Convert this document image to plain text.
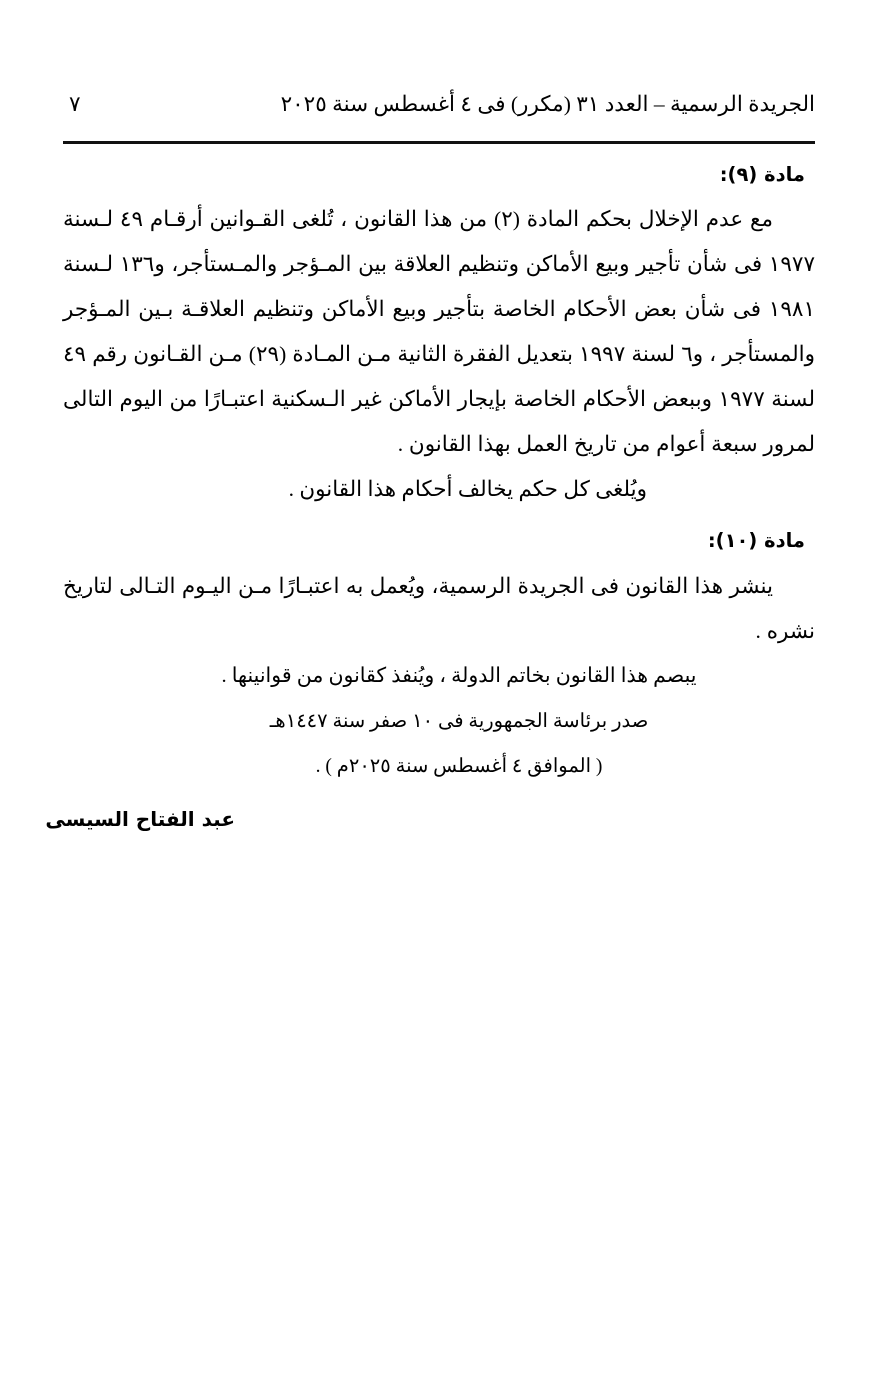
الجريدة الرسمية – العدد ٣١ (مكرر) فى ٤ أغسطس سنة ٢٠٢٥
٧

مادة (٩):

مع عدم الإخلال بحكم المادة (٢) من هذا القانون ، تُلغى القـوانين أرقـام ٤٩ لـسنة ١٩٧٧ فى شأن تأجير وبيع الأماكن وتنظيم العلاقة بين المـؤجر والمـستأجر، و١٣٦ لـسنة ١٩٨١ فى شأن بعض الأحكام الخاصة بتأجير وبيع الأماكن وتنظيم العلاقـة بـين المـؤجر والمستأجر ، و٦ لسنة ١٩٩٧ بتعديل الفقرة الثانية مـن المـادة (٢٩) مـن القـانون رقم ٤٩ لسنة ١٩٧٧ وببعض الأحكام الخاصة بإيجار الأماكن غير الـسكنية اعتبـارًا من اليوم التالى لمرور سبعة أعوام من تاريخ العمل بهذا القانون .

ويُلغى كل حكم يخالف أحكام هذا القانون .

مادة (١٠):

ينشر هذا القانون فى الجريدة الرسمية، ويُعمل به اعتبـارًا مـن اليـوم التـالى لتاريخ نشره .

يبصم هذا القانون بخاتم الدولة ، ويُنفذ كقانون من قوانينها .

صدر برئاسة الجمهورية فى ١٠ صفر سنة ١٤٤٧هـ

( الموافق ٤ أغسطس سنة ٢٠٢٥م ) .

عبد الفتاح السيسى
